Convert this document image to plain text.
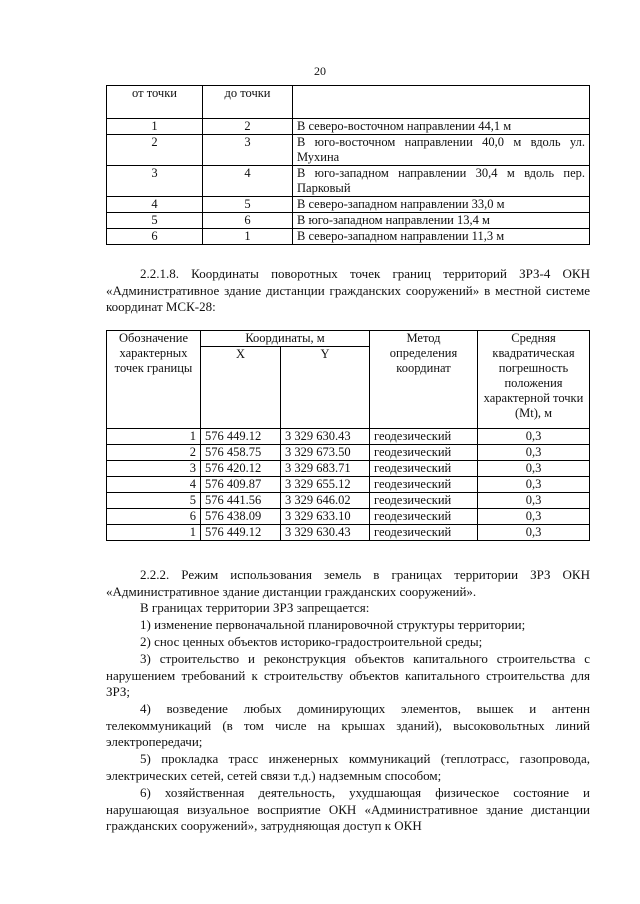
20
от точки	до точки	
1	2	В северо-восточном направлении 44,1 м
2	3	В юго-восточном направлении 40,0 м вдоль ул. Мухина
3	4	В юго-западном направлении 30,4 м вдоль пер. Парковый
4	5	В северо-западном направлении 33,0 м
5	6	В юго-западном направлении 13,4 м
6	1	В северо-западном направлении 11,3 м

2.2.1.8. Координаты поворотных точек границ территорий ЗРЗ-4 ОКН «Административное здание дистанции гражданских сооружений» в местной системе координат МСК-28:

Обозначение характерных точек границы	Координаты, м		Метод определения координат	Средняя квадратическая погрешность положения характерной точки (Mt), м
	X	Y		
1	576 449.12	3 329 630.43	геодезический	0,3
2	576 458.75	3 329 673.50	геодезический	0,3
3	576 420.12	3 329 683.71	геодезический	0,3
4	576 409.87	3 329 655.12	геодезический	0,3
5	576 441.56	3 329 646.02	геодезический	0,3
6	576 438.09	3 329 633.10	геодезический	0,3
1	576 449.12	3 329 630.43	геодезический	0,3

2.2.2. Режим использования земель в границах территории ЗРЗ ОКН «Административное здание дистанции гражданских сооружений».

В границах территории ЗРЗ запрещается:

1) изменение первоначальной планировочной структуры территории;

2) снос ценных объектов историко-градостроительной среды;

3) строительство и реконструкция объектов капитального строительства с нарушением требований к строительству объектов капитального строительства для ЗРЗ;

4) возведение любых доминирующих элементов, вышек и антенн телекоммуникаций (в том числе на крышах зданий), высоковольтных линий электропередачи;

5) прокладка трасс инженерных коммуникаций (теплотрасс, газопровода, электрических сетей, сетей связи т.д.) надземным способом;

6) хозяйственная деятельность, ухудшающая физическое состояние и нарушающая визуальное восприятие ОКН «Административное здание дистанции гражданских сооружений», затрудняющая доступ к ОКН
